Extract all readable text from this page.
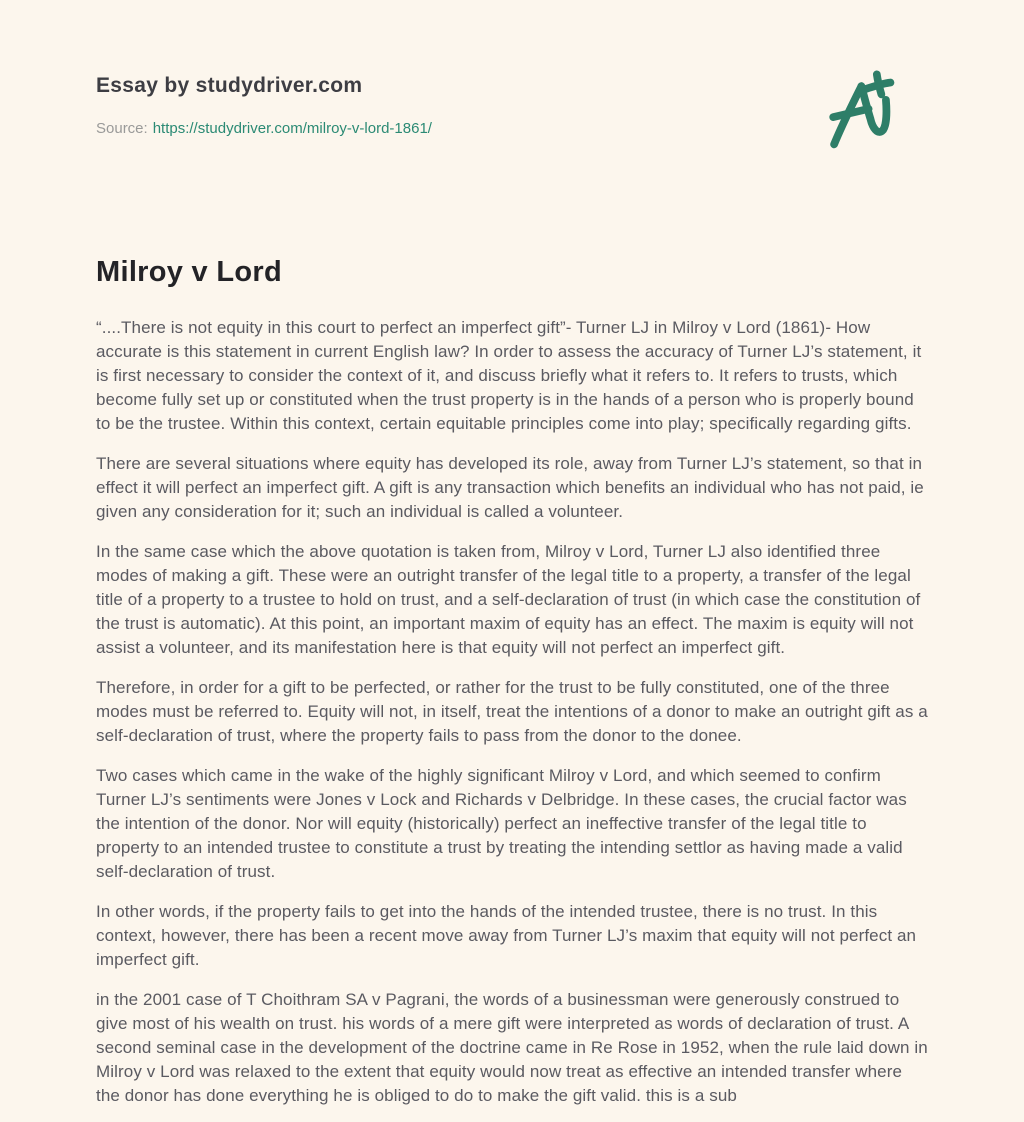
Essay by studydriver.com
Source: https://studydriver.com/milroy-v-lord-1861/
Milroy v Lord

“....There is not equity in this court to perfect an imperfect gift”- Turner LJ in Milroy v Lord (1861)- How accurate is this statement in current English law? In order to assess the accuracy of Turner LJ’s statement, it is first necessary to consider the context of it, and discuss briefly what it refers to. It refers to trusts, which become fully set up or constituted when the trust property is in the hands of a person who is properly bound to be the trustee. Within this context, certain equitable principles come into play; specifically regarding gifts.

There are several situations where equity has developed its role, away from Turner LJ’s statement, so that in effect it will perfect an imperfect gift. A gift is any transaction which benefits an individual who has not paid, ie given any consideration for it; such an individual is called a volunteer.

In the same case which the above quotation is taken from, Milroy v Lord, Turner LJ also identified three modes of making a gift. These were an outright transfer of the legal title to a property, a transfer of the legal title of a property to a trustee to hold on trust, and a self-declaration of trust (in which case the constitution of the trust is automatic). At this point, an important maxim of equity has an effect. The maxim is equity will not assist a volunteer, and its manifestation here is that equity will not perfect an imperfect gift.

Therefore, in order for a gift to be perfected, or rather for the trust to be fully constituted, one of the three modes must be referred to. Equity will not, in itself, treat the intentions of a donor to make an outright gift as a self-declaration of trust, where the property fails to pass from the donor to the donee.

Two cases which came in the wake of the highly significant Milroy v Lord, and which seemed to confirm Turner LJ’s sentiments were Jones v Lock and Richards v Delbridge. In these cases, the crucial factor was the intention of the donor. Nor will equity (historically) perfect an ineffective transfer of the legal title to property to an intended trustee to constitute a trust by treating the intending settlor as having made a valid self-declaration of trust.

In other words, if the property fails to get into the hands of the intended trustee, there is no trust. In this context, however, there has been a recent move away from Turner LJ’s maxim that equity will not perfect an imperfect gift.

in the 2001 case of T Choithram SA v Pagrani, the words of a businessman were generously construed to give most of his wealth on trust. his words of a mere gift were interpreted as words of declaration of trust. A second seminal case in the development of the doctrine came in Re Rose in 1952, when the rule laid down in Milroy v Lord was relaxed to the extent that equity would now treat as effective an intended transfer where the donor has done everything he is obliged to do to make the gift valid. this is a sub
